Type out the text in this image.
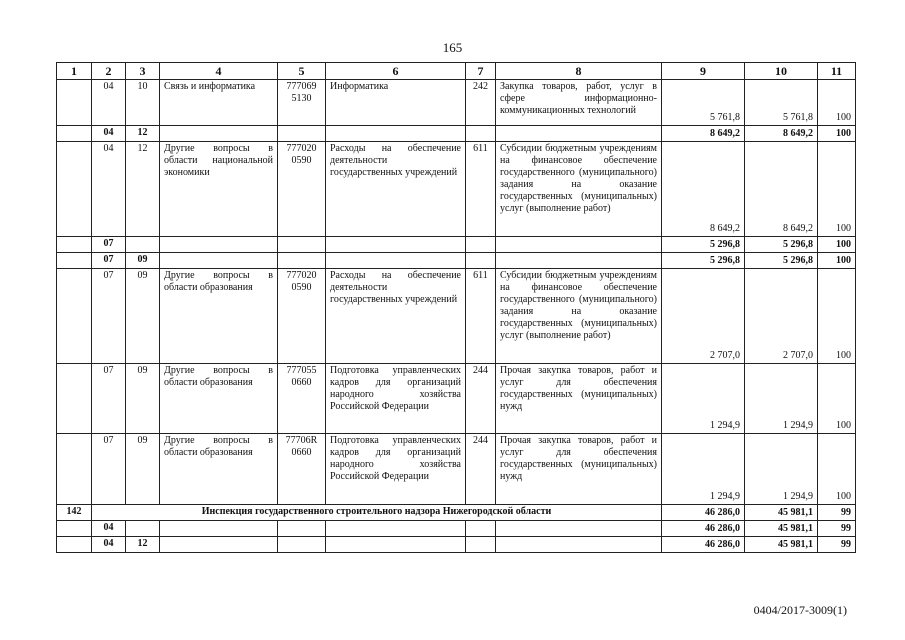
165
1	2	3	4	5	6	7	8	9	10	11
	04	10	Связь и информатика	777069 5130	Информатика	242	Закупка товаров, работ, услуг в сфере информационно-коммуникационных технологий	5 761,8	5 761,8	100
	04	12						8 649,2	8 649,2	100
	04	12	Другие вопросы в области национальной экономики	777020 0590	Расходы на обеспечение деятельности государственных учреждений	611	Субсидии бюджетным учреждениям на финансовое обеспечение государственного (муниципального) задания на оказание государственных (муниципальных) услуг (выполнение работ)	8 649,2	8 649,2	100
	07							5 296,8	5 296,8	100
	07	09						5 296,8	5 296,8	100
	07	09	Другие вопросы в области образования	777020 0590	Расходы на обеспечение деятельности государственных учреждений	611	Субсидии бюджетным учреждениям на финансовое обеспечение государственного (муниципального) задания на оказание государственных (муниципальных) услуг (выполнение работ)	2 707,0	2 707,0	100
	07	09	Другие вопросы в области образования	777055 0660	Подготовка управленческих кадров для организаций народного хозяйства Российской Федерации	244	Прочая закупка товаров, работ и услуг для обеспечения государственных (муниципальных) нужд	1 294,9	1 294,9	100
	07	09	Другие вопросы в области образования	77706R 0660	Подготовка управленческих кадров для организаций народного хозяйства Российской Федерации	244	Прочая закупка товаров, работ и услуг для обеспечения государственных (муниципальных) нужд	1 294,9	1 294,9	100
142	Инспекция государственного строительного надзора Нижегородской области							46 286,0	45 981,1	99
	04							46 286,0	45 981,1	99
	04	12						46 286,0	45 981,1	99
0404/2017-3009(1)
